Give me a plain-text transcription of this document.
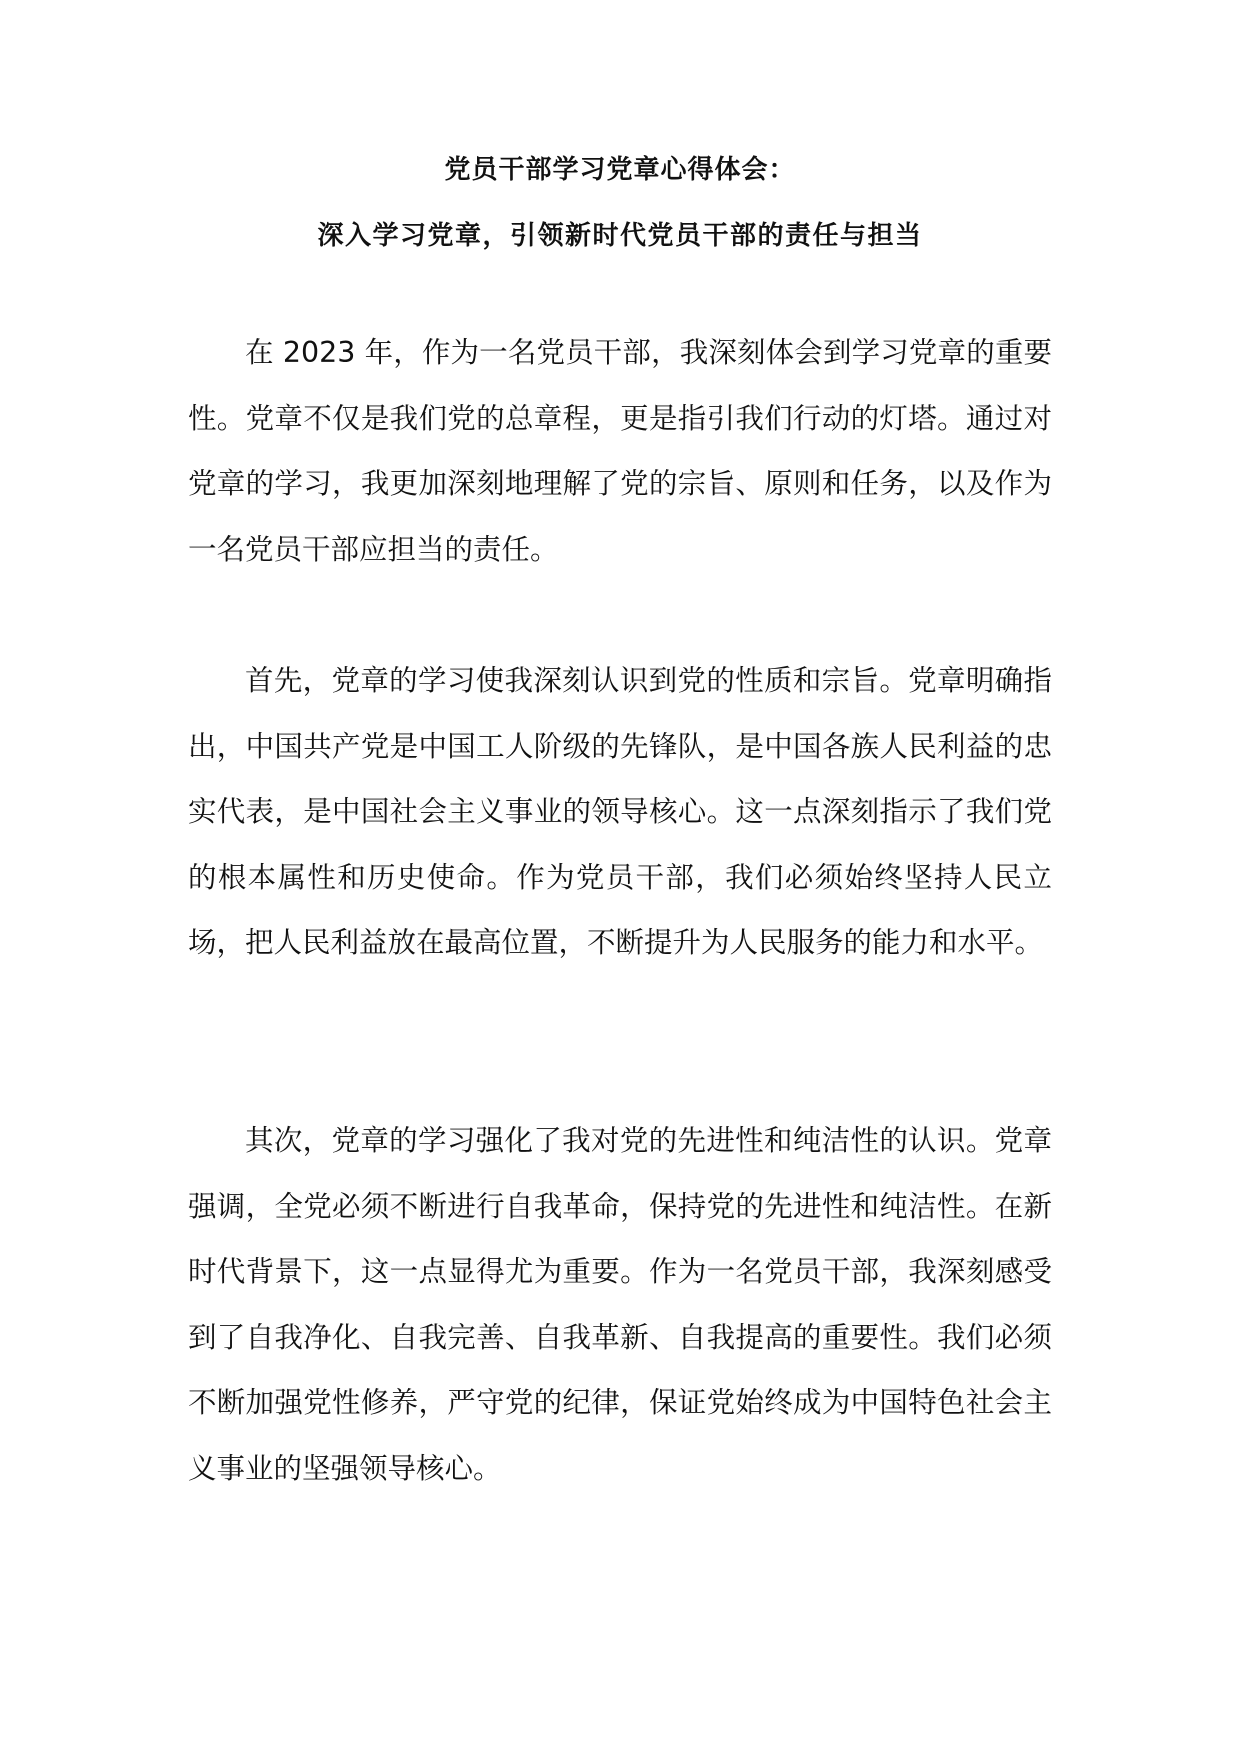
党员干部学习党章心得体会：
深入学习党章，引领新时代党员干部的责任与担当

在 2023 年，作为一名党员干部，我深刻体会到学习党章的重要性。党章不仅是我们党的总章程，更是指引我们行动的灯塔。通过对党章的学习，我更加深刻地理解了党的宗旨、原则和任务，以及作为一名党员干部应担当的责任。

首先，党章的学习使我深刻认识到党的性质和宗旨。党章明确指出，中国共产党是中国工人阶级的先锋队，是中国各族人民利益的忠实代表，是中国社会主义事业的领导核心。这一点深刻指示了我们党的根本属性和历史使命。作为党员干部，我们必须始终坚持人民立场，把人民利益放在最高位置，不断提升为人民服务的能力和水平。

其次，党章的学习强化了我对党的先进性和纯洁性的认识。党章强调，全党必须不断进行自我革命，保持党的先进性和纯洁性。在新时代背景下，这一点显得尤为重要。作为一名党员干部，我深刻感受到了自我净化、自我完善、自我革新、自我提高的重要性。我们必须不断加强党性修养，严守党的纪律，保证党始终成为中国特色社会主义事业的坚强领导核心。
